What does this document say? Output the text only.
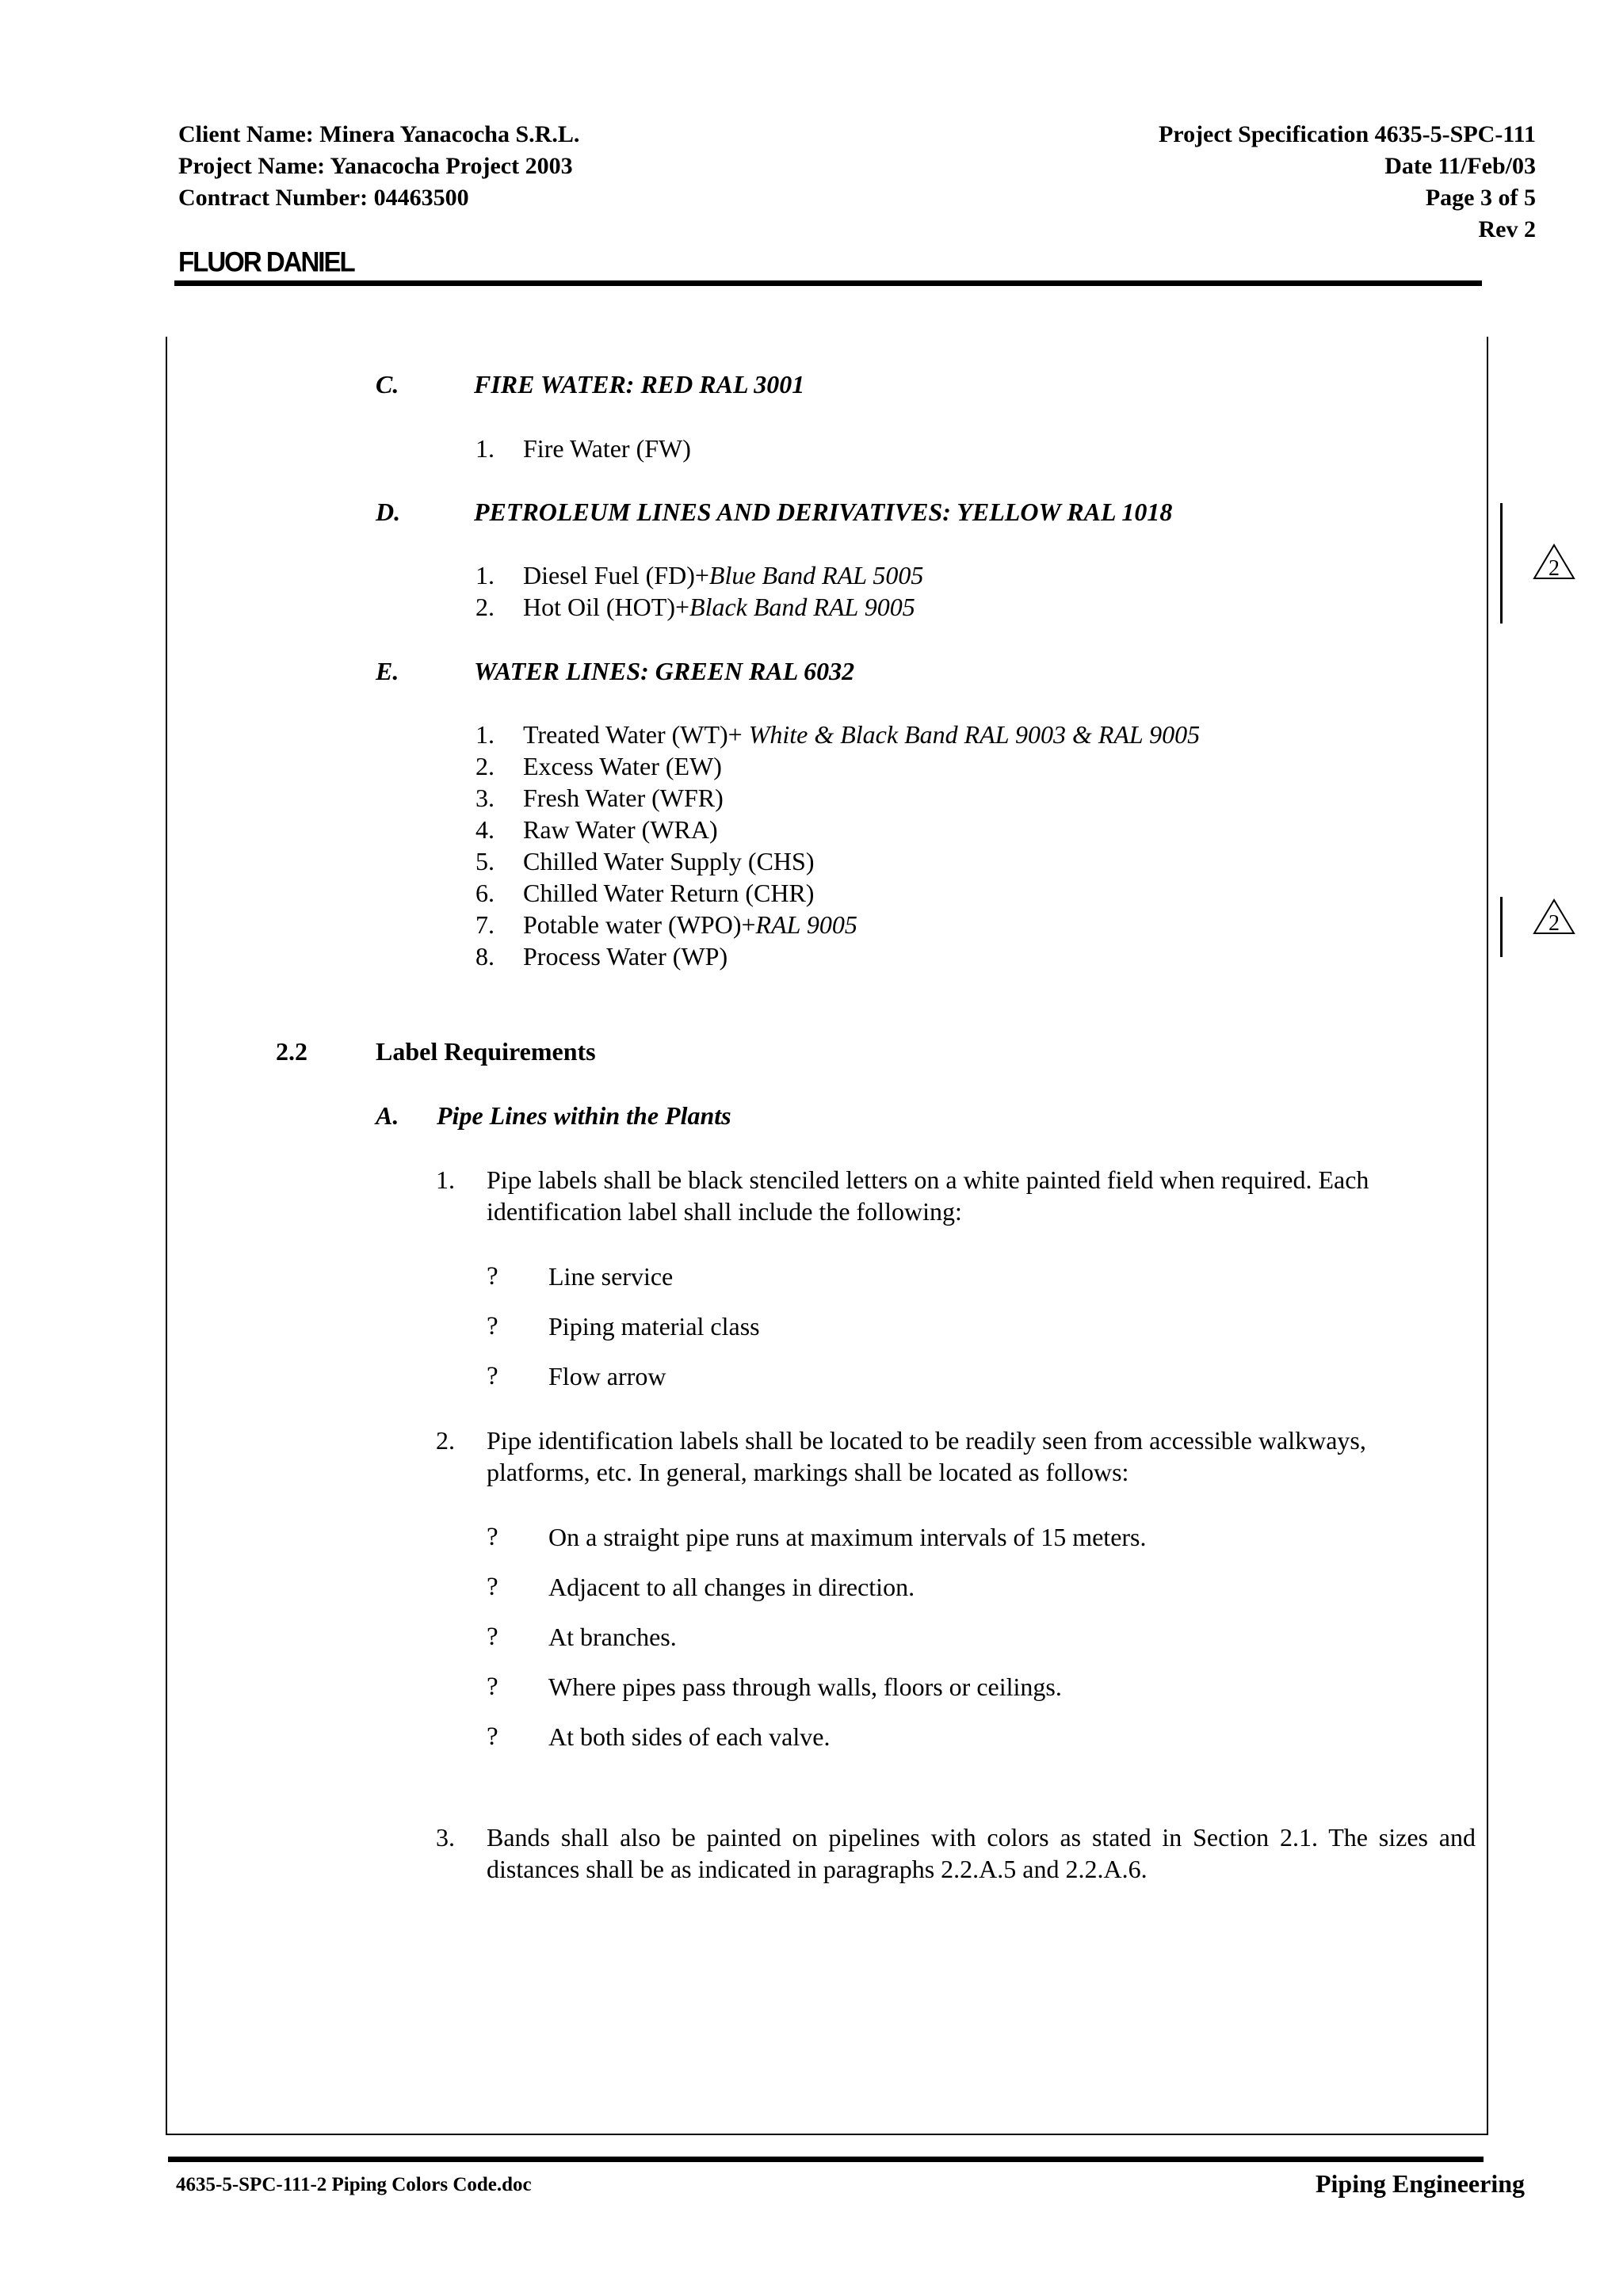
Client Name: Minera Yanacocha S.R.L.
Project Name: Yanacocha Project 2003
Contract Number: 04463500
Project Specification 4635-5-SPC-111
Date 11/Feb/03
Page 3 of 5
Rev 2
FLUOR DANIEL
C.	FIRE WATER: RED RAL 3001
1. Fire Water (FW)
D.	PETROLEUM LINES AND DERIVATIVES: YELLOW RAL 1018
1. Diesel Fuel (FD)+Blue Band RAL 5005
2. Hot Oil (HOT)+Black Band RAL 9005
E.	WATER LINES: GREEN RAL 6032
1. Treated Water (WT)+ White & Black Band RAL 9003 & RAL 9005
2. Excess Water (EW)
3. Fresh Water (WFR)
4. Raw Water (WRA)
5. Chilled Water Supply (CHS)
6. Chilled Water Return (CHR)
7. Potable water (WPO)+RAL 9005
8. Process Water (WP)
2
2
2.2	Label Requirements
A. Pipe Lines within the Plants
1. Pipe labels shall be black stenciled letters on a white painted field when required. Each identification label shall include the following:
? Line service
? Piping material class
? Flow arrow
2. Pipe identification labels shall be located to be readily seen from accessible walkways, platforms, etc. In general, markings shall be located as follows:
? On a straight pipe runs at maximum intervals of 15 meters.
? Adjacent to all changes in direction.
? At branches.
? Where pipes pass through walls, floors or ceilings.
? At both sides of each valve.
3. Bands shall also be painted on pipelines with colors as stated in Section 2.1. The sizes and distances shall be as indicated in paragraphs 2.2.A.5 and 2.2.A.6.
4635-5-SPC-111-2 Piping Colors Code.doc	Piping Engineering
